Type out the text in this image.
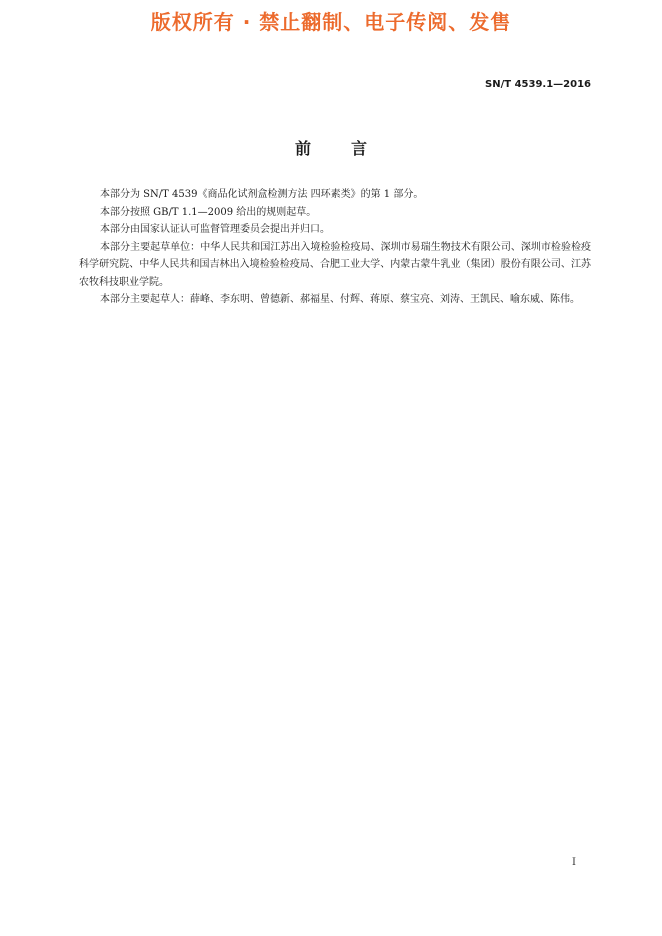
版权所有 · 禁止翻制、电子传阅、发售
SN/T 4539.1—2016
前言

本部分为 SN/T 4539《商品化试剂盒检测方法 四环素类》的第 1 部分。

本部分按照 GB/T 1.1—2009 给出的规则起草。

本部分由国家认证认可监督管理委员会提出并归口。

本部分主要起草单位：中华人民共和国江苏出入境检验检疫局、深圳市易瑞生物技术有限公司、深圳市检验检疫科学研究院、中华人民共和国吉林出入境检验检疫局、合肥工业大学、内蒙古蒙牛乳业（集团）股份有限公司、江苏农牧科技职业学院。

本部分主要起草人：薛峰、李东明、曾德新、郝福星、付辉、蒋原、蔡宝亮、刘涛、王凯民、喻东威、陈伟。

I
